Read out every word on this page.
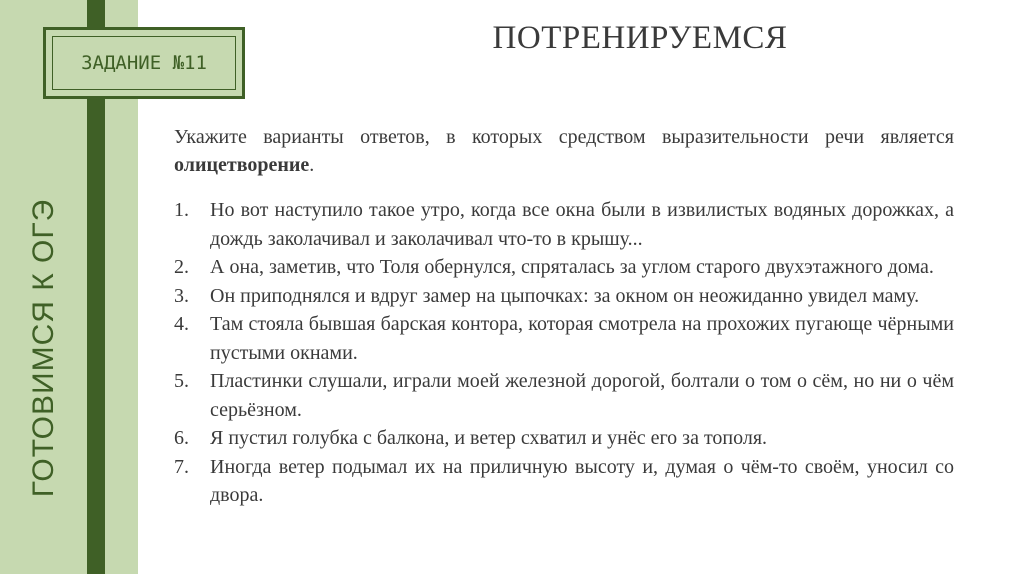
ЗАДАНИЕ №11
ГОТОВИМСЯ К ОГЭ
ПОТРЕНИРУЕМСЯ
Укажите варианты ответов, в которых средством выразительности речи является олицетворение.
1.	Но вот наступило такое утро, когда все окна были в извилистых водяных дорожках, а дождь заколачивал и заколачивал что-то в крышу...
2.	А она, заметив, что Толя обернулся, спряталась за углом старого двухэтажного дома.
3.	Он приподнялся и вдруг замер на цыпочках: за окном он неожиданно увидел маму.
4.	Там стояла бывшая барская контора, которая смотрела на прохожих пугающе чёрными пустыми окнами.
5.	Пластинки слушали, играли моей железной дорогой, болтали о том о сём, но ни о чём серьёзном.
6.	Я пустил голубка с балкона, и ветер схватил и унёс его за тополя.
7.	Иногда ветер подымал их на приличную высоту и, думая о чём-то своём, уносил со двора.
